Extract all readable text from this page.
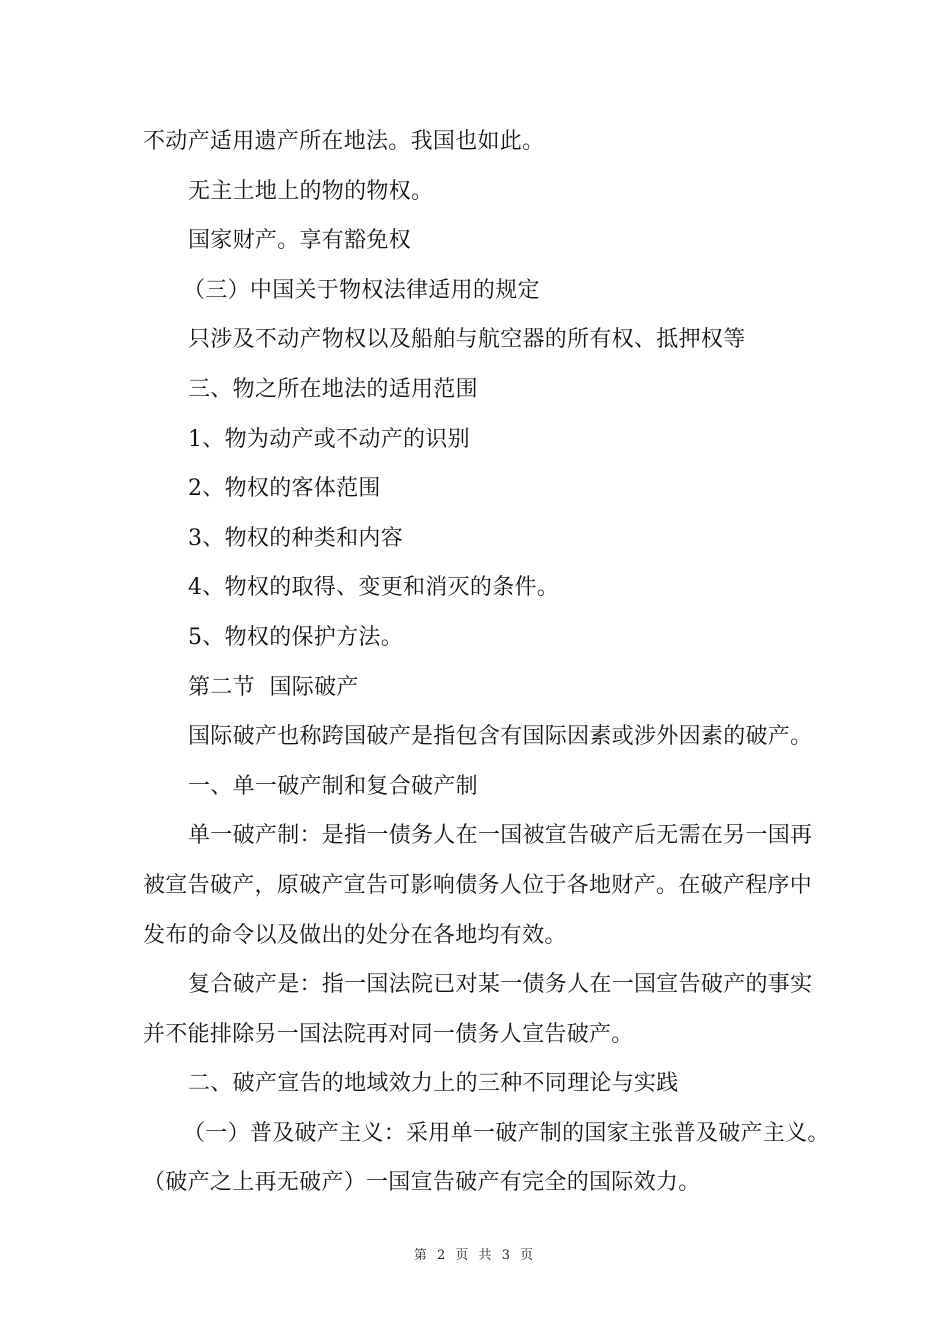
不动产适用遗产所在地法。我国也如此。
无主土地上的物的物权。
国家财产。享有豁免权
（三）中国关于物权法律适用的规定
只涉及不动产物权以及船舶与航空器的所有权、抵押权等
三、物之所在地法的适用范围
1、物为动产或不动产的识别
2、物权的客体范围
3、物权的种类和内容
4、物权的取得、变更和消灭的条件。
5、物权的保护方法。
第二节  国际破产
国际破产也称跨国破产是指包含有国际因素或涉外因素的破产。
一、单一破产制和复合破产制
单一破产制：是指一债务人在一国被宣告破产后无需在另一国再
被宣告破产，原破产宣告可影响债务人位于各地财产。在破产程序中
发布的命令以及做出的处分在各地均有效。
复合破产是：指一国法院已对某一债务人在一国宣告破产的事实
并不能排除另一国法院再对同一债务人宣告破产。
二、破产宣告的地域效力上的三种不同理论与实践
（一）普及破产主义：采用单一破产制的国家主张普及破产主义。
（破产之上再无破产）一国宣告破产有完全的国际效力。
第 2 页 共 3 页
